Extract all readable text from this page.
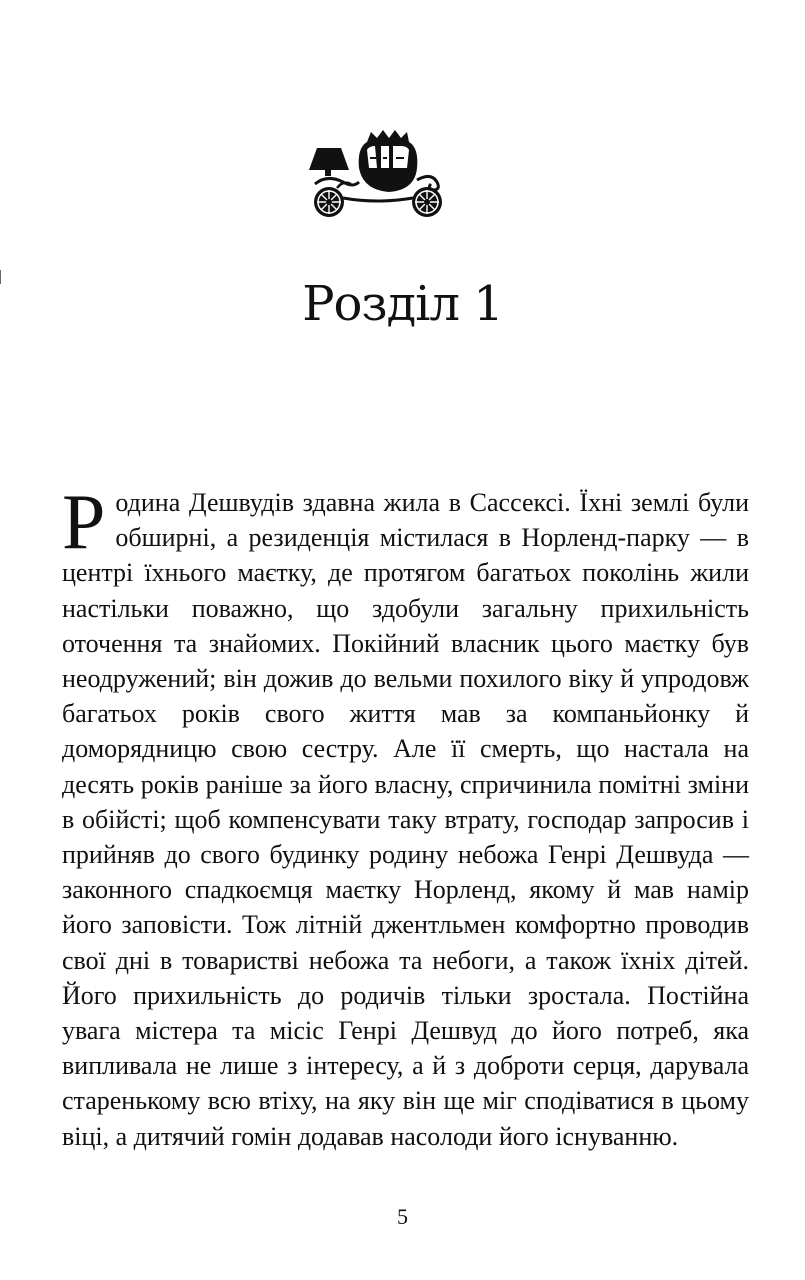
Розділ 1
Родина Дешвудів здавна жила в Сассексі. Їхні землі були обширні, а резиденція містилася в Норленд-парку — в центрі їхнього маєтку, де протягом багатьох поколінь жили настільки поважно, що здобули загальну прихильність оточення та знайомих. Покійний власник цього маєтку був неодружений; він дожив до вельми похилого віку й упродовж багатьох років свого життя мав за компаньйонку й доморядницю свою сестру. Але її смерть, що настала на десять років раніше за його власну, спричинила помітні зміни в обійсті; щоб компенсувати таку втрату, господар запросив і прийняв до свого будинку родину небожа Генрі Дешвуда — законного спадкоємця маєтку Норленд, якому й мав намір його заповісти. Тож літній джентльмен комфортно проводив свої дні в товаристві небожа та небоги, а також їхніх дітей. Його прихильність до родичів тільки зростала. Постійна увага містера та місіс Генрі Дешвуд до його потреб, яка випливала не лише з інтересу, а й з доброти серця, дарувала старенькому всю втіху, на яку він ще міг сподіватися в цьому віці, а дитячий гомін додавав насолоди його існуванню.
5
